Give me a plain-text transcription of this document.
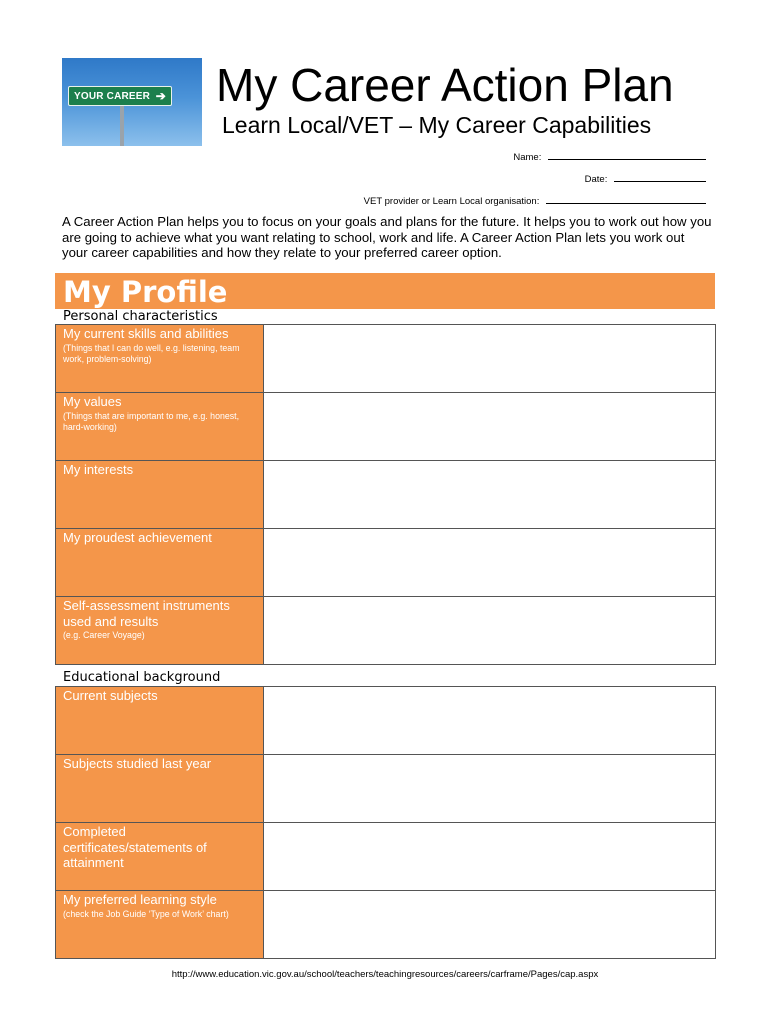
YOUR CAREER ➔ My Career Action Plan
Learn Local/VET – My Career Capabilities
Name:
Date:
VET provider or Learn Local organisation:
A Career Action Plan helps you to focus on your goals and plans for the future. It helps you to work out how you are going to achieve what you want relating to school, work and life. A Career Action Plan lets you work out your career capabilities and how they relate to your preferred career option.
My Profile
Personal characteristics
My current skills and abilities
(Things that I can do well, e.g. listening, team work, problem-solving)	

My values
(Things that are important to me, e.g. honest, hard-working)	

My interests	

My proudest achievement	

Self-assessment instruments used and results
(e.g. Career Voyage)	

Educational background
Current subjects	

Subjects studied last year	

Completed certificates/statements of attainment	

My preferred learning style
(check the Job Guide ‘Type of Work’ chart)	

http://www.education.vic.gov.au/school/teachers/teachingresources/careers/carframe/Pages/cap.aspx
